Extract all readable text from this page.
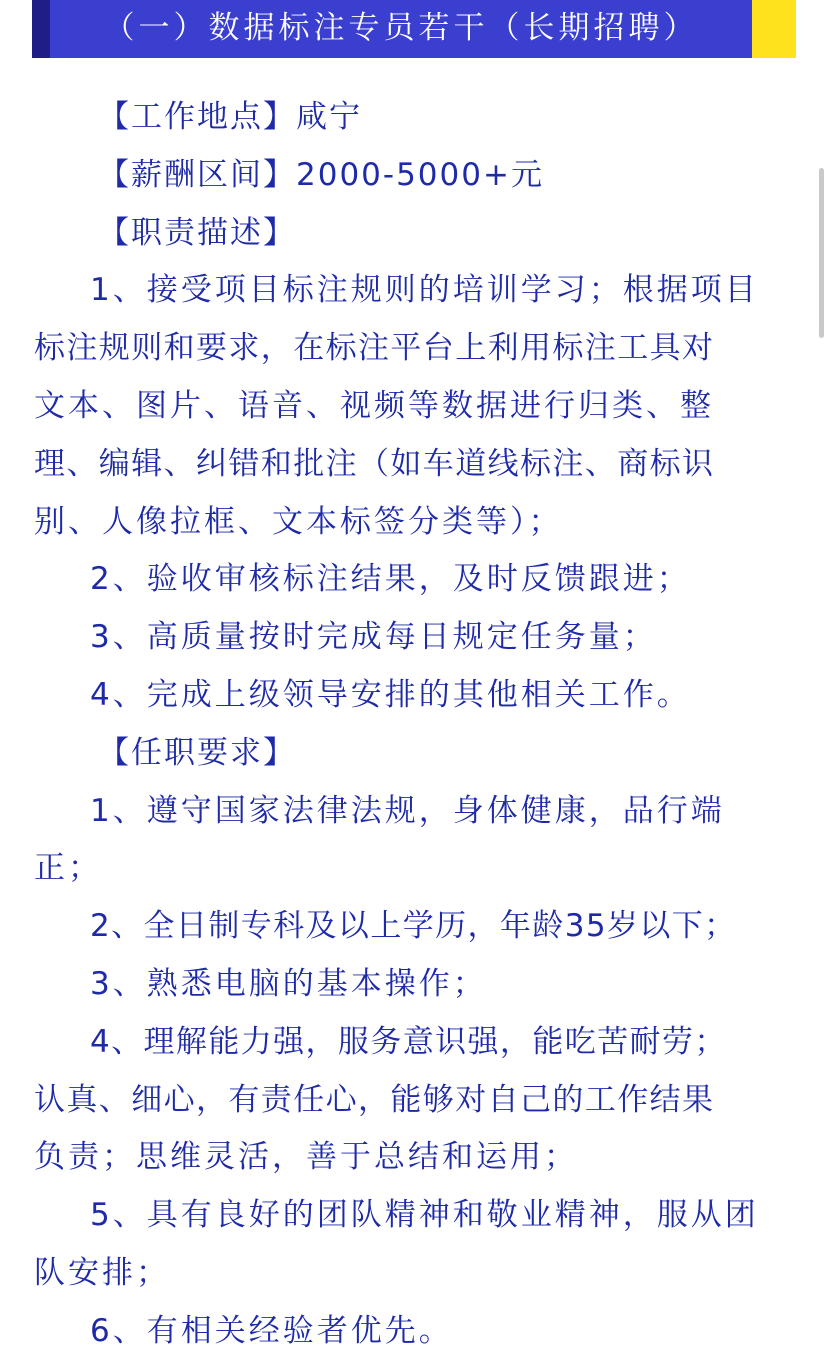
（一）数据标注专员若干（长期招聘）

【工作地点】咸宁

【薪酬区间】2000-5000+元

【职责描述】

1、接受项目标注规则的培训学习；根据项目

标注规则和要求，在标注平台上利用标注工具对

文本、图片、语音、视频等数据进行归类、整

理、编辑、纠错和批注（如车道线标注、商标识

别、人像拉框、文本标签分类等）；

2、验收审核标注结果，及时反馈跟进；

3、高质量按时完成每日规定任务量；

4、完成上级领导安排的其他相关工作。

【任职要求】

1、遵守国家法律法规，身体健康，品行端

正；

2、全日制专科及以上学历，年龄35岁以下；

3、熟悉电脑的基本操作；

4、理解能力强，服务意识强，能吃苦耐劳；

认真、细心，有责任心，能够对自己的工作结果

负责；思维灵活，善于总结和运用；

5、具有良好的团队精神和敬业精神，服从团

队安排；

6、有相关经验者优先。
